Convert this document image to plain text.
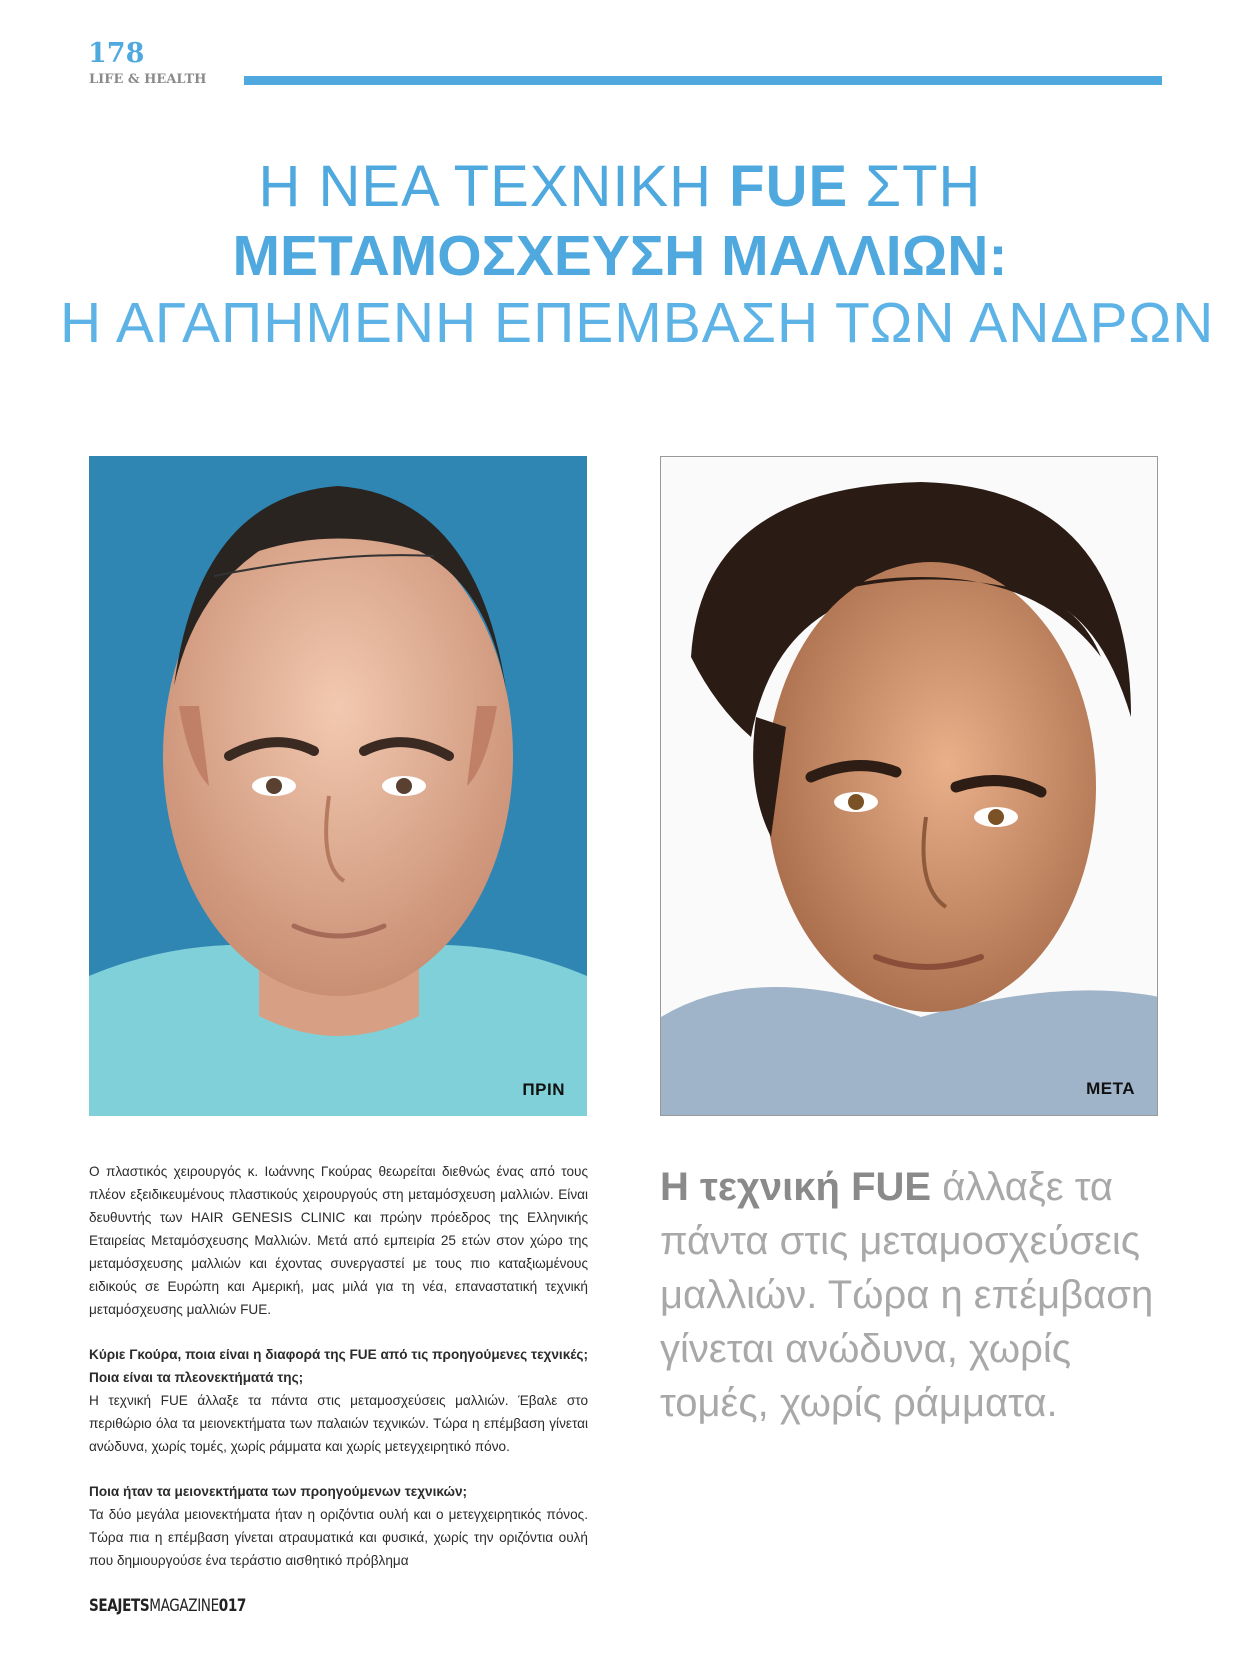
178
LIFE & HEALTH
Η ΝΕΑ ΤΕΧΝΙΚΗ FUE ΣΤΗ
ΜΕΤΑΜΟΣΧΕΥΣΗ ΜΑΛΛΙΩΝ:
Η ΑΓΑΠΗΜΕΝΗ ΕΠΕΜΒΑΣΗ ΤΩΝ ΑΝΔΡΩΝ
ΠΡΙΝ	ΜΕΤΑ

Ο πλαστικός χειρουργός κ. Ιωάννης Γκούρας θεωρείται διεθνώς ένας από τους πλέον εξειδικευμένους πλαστικούς χειρουργούς στη μεταμόσχευση μαλλιών. Είναι δευθυντής των HAIR GENESIS CLINIC και πρώην πρόεδρος της Ελληνικής Εταιρείας Μεταμόσχευσης Μαλλιών. Μετά από εμπειρία 25 ετών στον χώρο της μεταμόσχευσης μαλλιών και έχοντας συνεργαστεί με τους πιο καταξιωμένους ειδικούς σε Ευρώπη και Αμερική, μας μιλά για τη νέα, επαναστατική τεχνική μεταμόσχευσης μαλλιών FUE.

Κύριε Γκούρα, ποια είναι η διαφορά της FUE από τις προηγούμενες τεχνικές; Ποια είναι τα πλεονεκτήματά της;

Η τεχνική FUE άλλαξε τα πάντα στις μεταμοσχεύσεις μαλλιών. Έβαλε στο περιθώριο όλα τα μειονεκτήματα των παλαιών τεχνικών. Τώρα η επέμβαση γίνεται ανώδυνα, χωρίς τομές, χωρίς ράμματα και χωρίς μετεγχειρητικό πόνο.

Ποια ήταν τα μειονεκτήματα των προηγούμενων τεχνικών;

Τα δύο μεγάλα μειονεκτήματα ήταν η οριζόντια ουλή και ο μετεγχειρητικός πόνος. Τώρα πια η επέμβαση γίνεται ατραυματικά και φυσικά, χωρίς την οριζόντια ουλή που δημιουργούσε ένα τεράστιο αισθητικό πρόβλημα

Η τεχνική FUE άλλαξε τα πάντα στις μεταμοσχεύσεις μαλλιών. Τώρα η επέμβαση γίνεται ανώδυνα, χωρίς τομές, χωρίς ράμματα.
SEAJETSMAGAZINE017
